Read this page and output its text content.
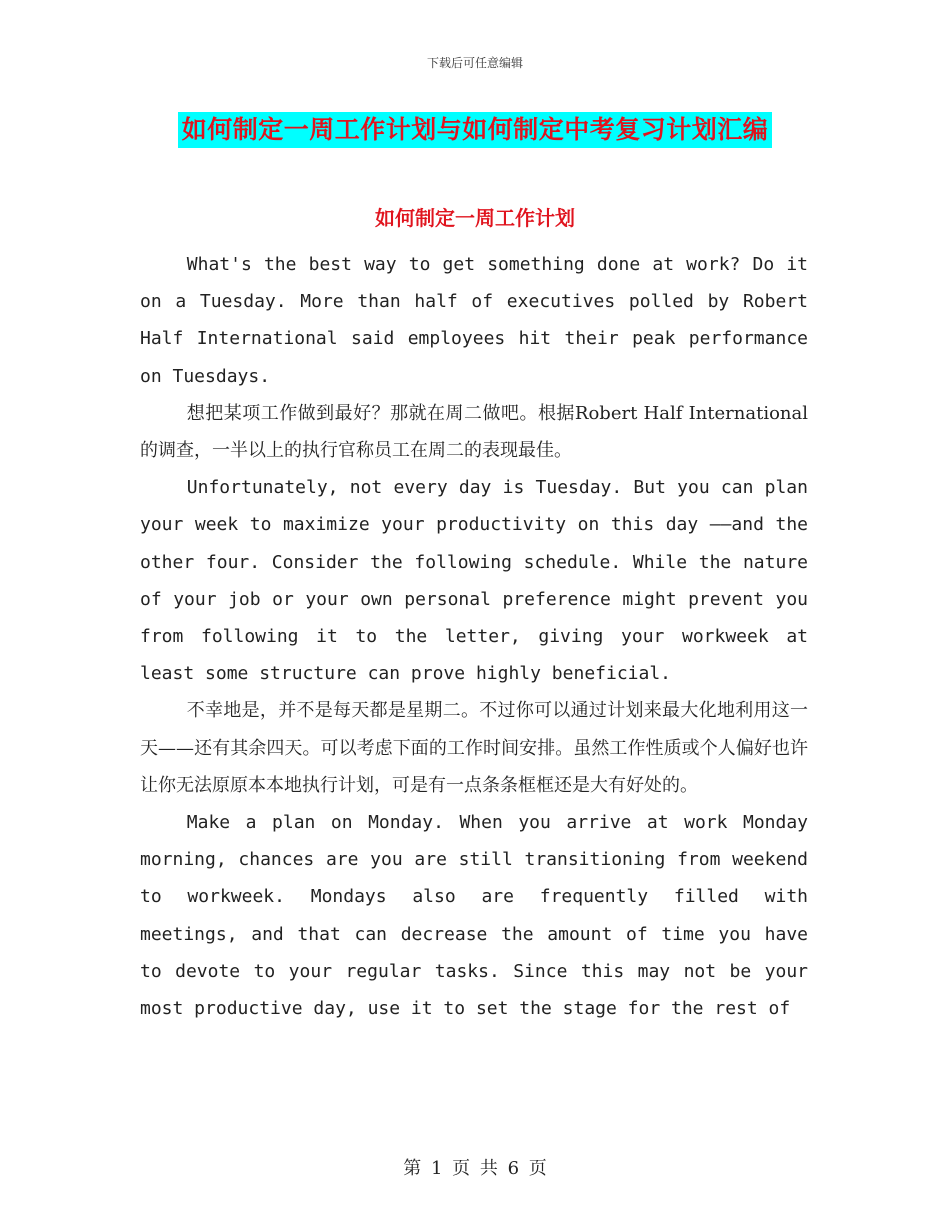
下载后可任意编辑
如何制定一周工作计划与如何制定中考复习计划汇编
如何制定一周工作计划

What's the best way to get something done at work? Do it on a Tuesday. More than half of executives polled by Robert Half International said employees hit their peak performance on Tuesdays.

想把某项工作做到最好？那就在周二做吧。根据Robert Half International的调查，一半以上的执行官称员工在周二的表现最佳。

Unfortunately, not every day is Tuesday. But you can plan your week to maximize your productivity on this day ——and the other four. Consider the following schedule. While the nature of your job or your own personal preference might prevent you from following it to the letter, giving your workweek at least some structure can prove highly beneficial.

不幸地是，并不是每天都是星期二。不过你可以通过计划来最大化地利用这一天——还有其余四天。可以考虑下面的工作时间安排。虽然工作性质或个人偏好也许让你无法原原本本地执行计划，可是有一点条条框框还是大有好处的。

Make a plan on Monday. When you arrive at work Monday morning, chances are you are still transitioning from weekend to workweek. Mondays also are frequently filled with meetings, and that can decrease the amount of time you have to devote to your regular tasks. Since this may not be your most productive day, use it to set the stage for the rest of

第 1 页 共 6 页
